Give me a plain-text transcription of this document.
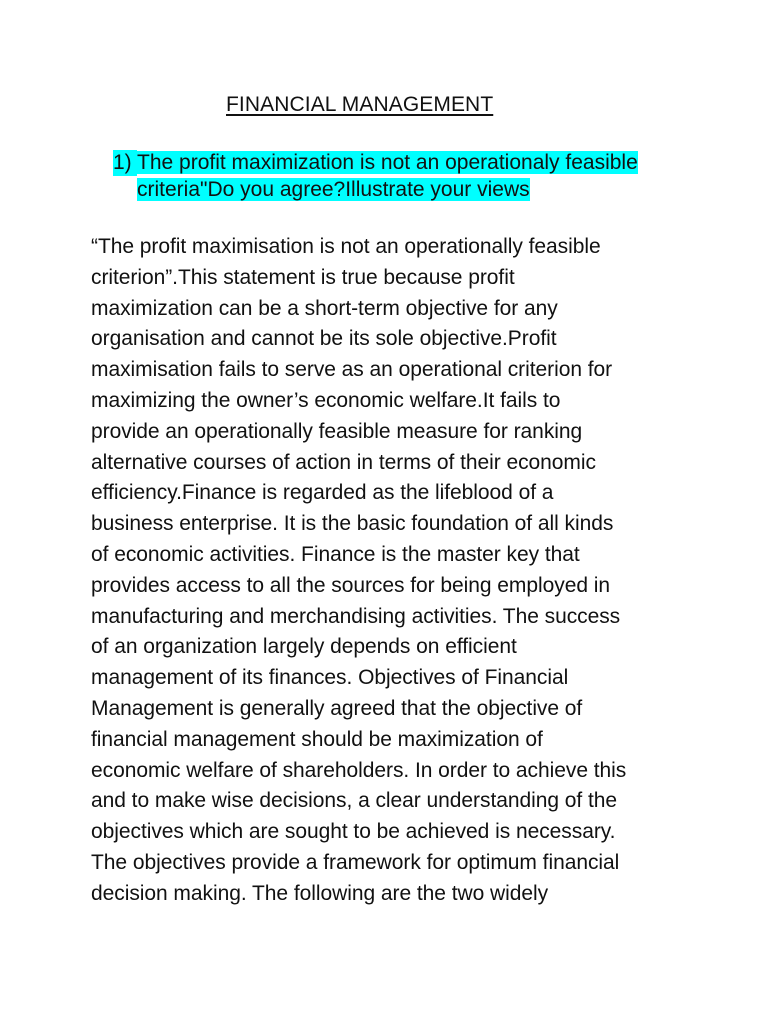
FINANCIAL MANAGEMENT
1) The profit maximization is not an operationaly feasible
criteria"Do you agree?Illustrate your views
“The profit maximisation is not an operationally feasible
criterion”.This statement is true because profit
maximization can be a short-term objective for any
organisation and cannot be its sole objective.Profit
maximisation fails to serve as an operational criterion for
maximizing the owner’s economic welfare.It fails to
provide an operationally feasible measure for ranking
alternative courses of action in terms of their economic
efficiency.Finance is regarded as the lifeblood of a
business enterprise. It is the basic foundation of all kinds
of economic activities. Finance is the master key that
provides access to all the sources for being employed in
manufacturing and merchandising activities. The success
of an organization largely depends on efficient
management of its finances. Objectives of Financial
Management is generally agreed that the objective of
financial management should be maximization of
economic welfare of shareholders. In order to achieve this
and to make wise decisions, a clear understanding of the
objectives which are sought to be achieved is necessary.
The objectives provide a framework for optimum financial
decision making. The following are the two widely
